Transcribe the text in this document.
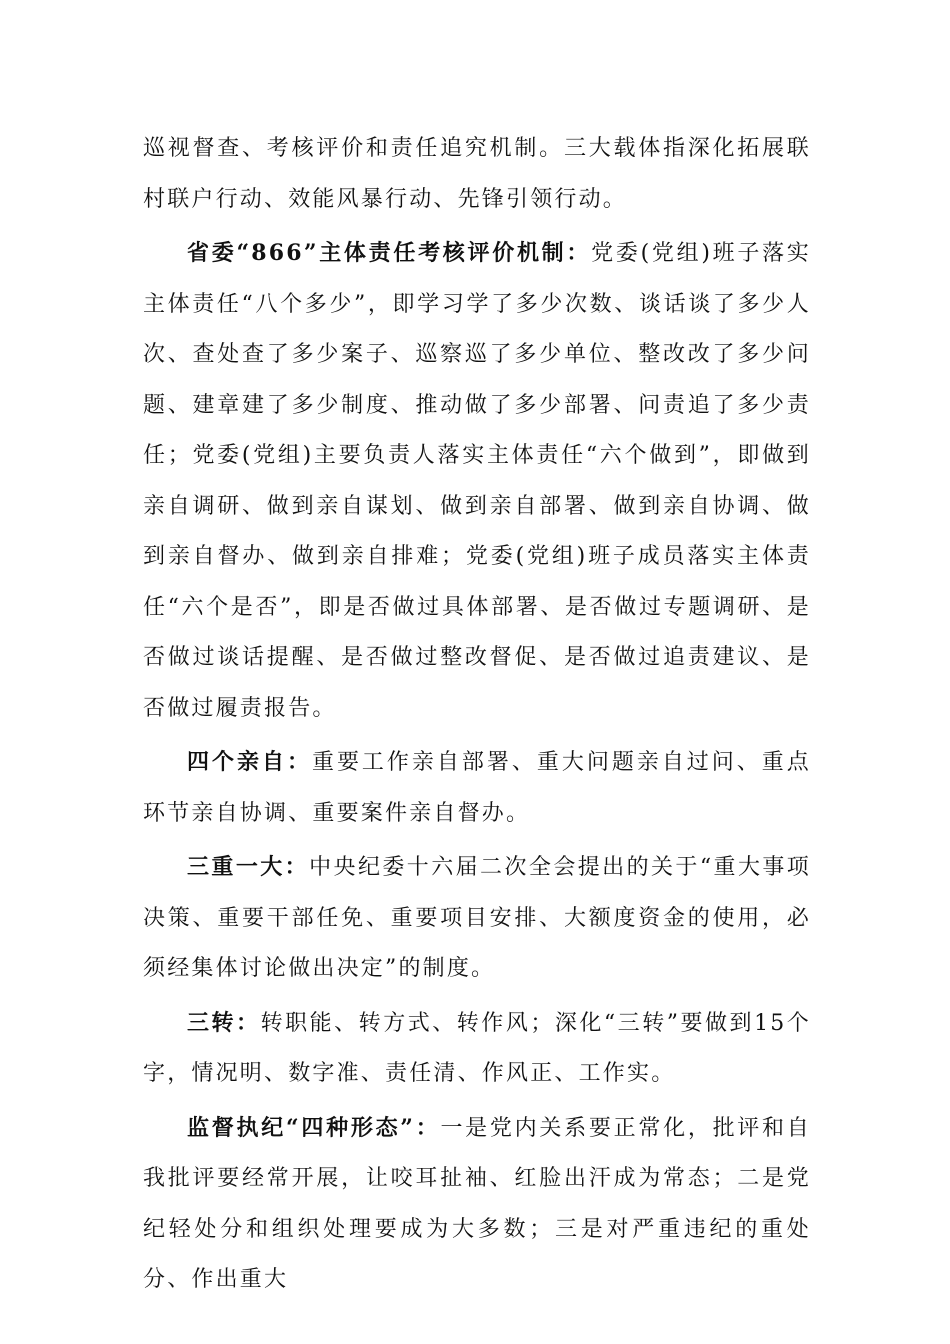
巡视督查、考核评价和责任追究机制。三大载体指深化拓展联村联户行动、效能风暴行动、先锋引领行动。

省委“866”主体责任考核评价机制：党委(党组)班子落实主体责任“八个多少”，即学习学了多少次数、谈话谈了多少人次、查处查了多少案子、巡察巡了多少单位、整改改了多少问题、建章建了多少制度、推动做了多少部署、问责追了多少责任；党委(党组)主要负责人落实主体责任“六个做到”，即做到亲自调研、做到亲自谋划、做到亲自部署、做到亲自协调、做到亲自督办、做到亲自排难；党委(党组)班子成员落实主体责任“六个是否”，即是否做过具体部署、是否做过专题调研、是否做过谈话提醒、是否做过整改督促、是否做过追责建议、是否做过履责报告。

四个亲自：重要工作亲自部署、重大问题亲自过问、重点环节亲自协调、重要案件亲自督办。

三重一大：中央纪委十六届二次全会提出的关于“重大事项决策、重要干部任免、重要项目安排、大额度资金的使用，必须经集体讨论做出决定”的制度。

三转：转职能、转方式、转作风；深化“三转”要做到15个字，情况明、数字准、责任清、作风正、工作实。

监督执纪“四种形态”：一是党内关系要正常化，批评和自我批评要经常开展，让咬耳扯袖、红脸出汗成为常态；二是党纪轻处分和组织处理要成为大多数；三是对严重违纪的重处分、作出重大
